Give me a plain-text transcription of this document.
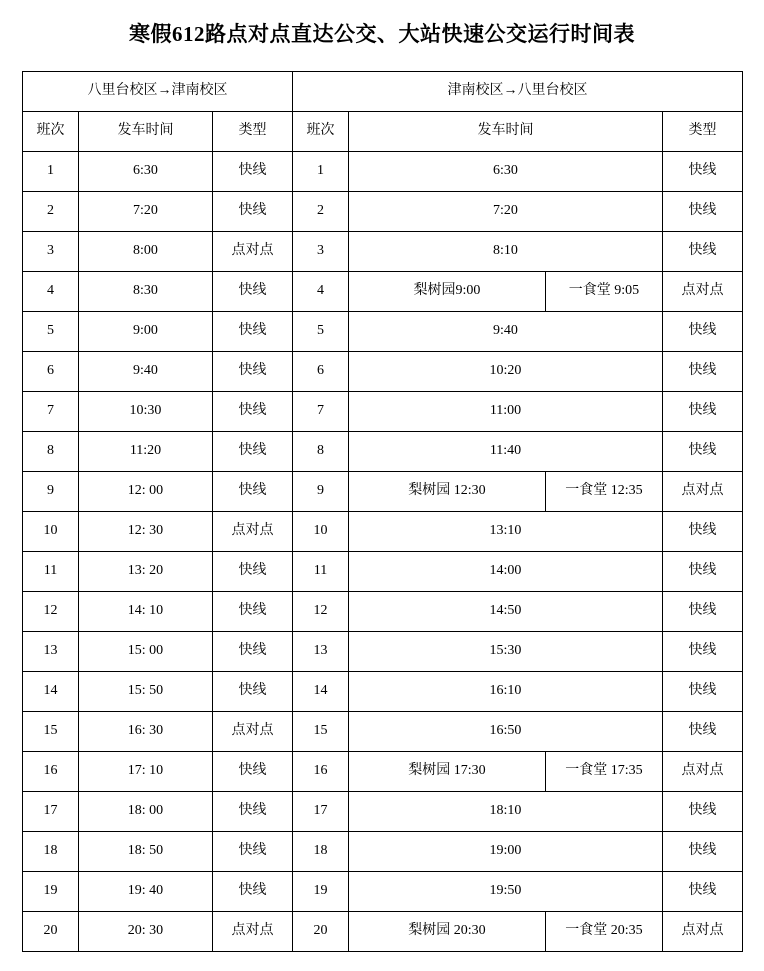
寒假612路点对点直达公交、大站快速公交运行时间表
八里台校区→津南校区			津南校区→八里台校区			
班次	发车时间	类型	班次	发车时间		类型
1	6:30	快线	1	6:30		快线
2	7:20	快线	2	7:20		快线
3	8:00	点对点	3	8:10		快线
4	8:30	快线	4	梨树园9:00	一食堂 9:05	点对点
5	9:00	快线	5	9:40		快线
6	9:40	快线	6	10:20		快线
7	10:30	快线	7	11:00		快线
8	11:20	快线	8	11:40		快线
9	12: 00	快线	9	梨树园 12:30	一食堂 12:35	点对点
10	12: 30	点对点	10	13:10		快线
11	13: 20	快线	11	14:00		快线
12	14: 10	快线	12	14:50		快线
13	15: 00	快线	13	15:30		快线
14	15: 50	快线	14	16:10		快线
15	16: 30	点对点	15	16:50		快线
16	17: 10	快线	16	梨树园 17:30	一食堂 17:35	点对点
17	18: 00	快线	17	18:10		快线
18	18: 50	快线	18	19:00		快线
19	19: 40	快线	19	19:50		快线
20	20: 30	点对点	20	梨树园 20:30	一食堂 20:35	点对点
